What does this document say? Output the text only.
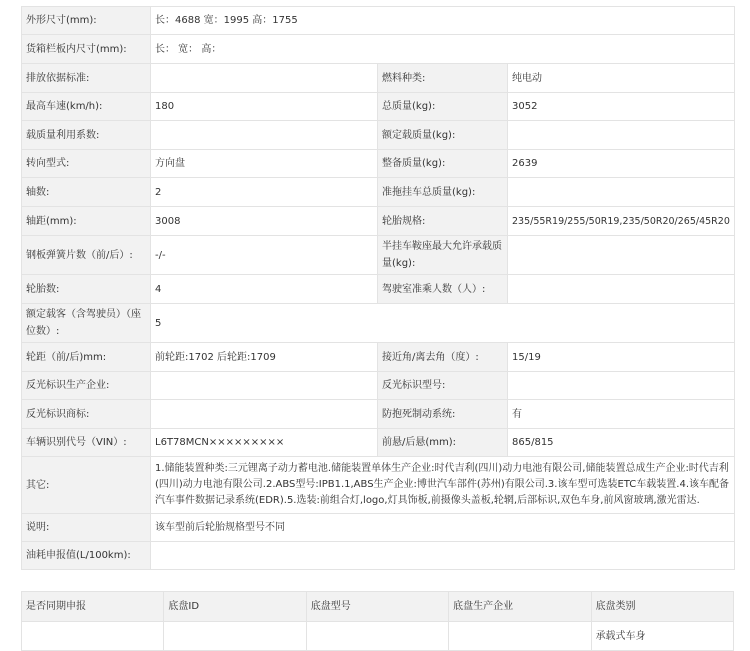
外形尺寸(mm):	长：4688 宽：1995 高：1755		
货箱栏板内尺寸(mm):	长： 宽： 高：		
排放依据标准:		燃料种类:	纯电动
最高车速(km/h):	180	总质量(kg):	3052
载质量利用系数:		额定载质量(kg):	
转向型式:	方向盘	整备质量(kg):	2639
轴数:	2	准拖挂车总质量(kg):	
轴距(mm):	3008	轮胎规格:	235/55R19/255/50R19,235/50R20/265/45R20
钢板弹簧片数（前/后）:	-/-	半挂车鞍座最大允许承载质量(kg):	
轮胎数:	4	驾驶室准乘人数（人）:	
额定载客（含驾驶员）（座位数）:	5		
轮距（前/后)mm:	前轮距:1702 后轮距:1709	接近角/离去角（度）:	15/19
反光标识生产企业:		反光标识型号:	
反光标识商标:		防抱死制动系统:	有
车辆识别代号（VIN）:	L6T78MCN×××××××××	前悬/后悬(mm):	865/815
其它:	1.储能装置种类:三元锂离子动力蓄电池.储能装置单体生产企业:时代吉利(四川)动力电池有限公司,储能装置总成生产企业:时代吉利(四川)动力电池有限公司.2.ABS型号:IPB1.1,ABS生产企业:博世汽车部件(苏州)有限公司.3.该车型可选装ETC车载装置.4.该车配备汽车事件数据记录系统(EDR).5.选装:前组合灯,logo,灯具饰板,前摄像头盖板,轮辋,后部标识,双色车身,前风窗玻璃,激光雷达.		
说明:	该车型前后轮胎规格型号不同		
油耗申报值(L/100km):			
是否同期申报	底盘ID	底盘型号	底盘生产企业	底盘类别
				承载式车身
